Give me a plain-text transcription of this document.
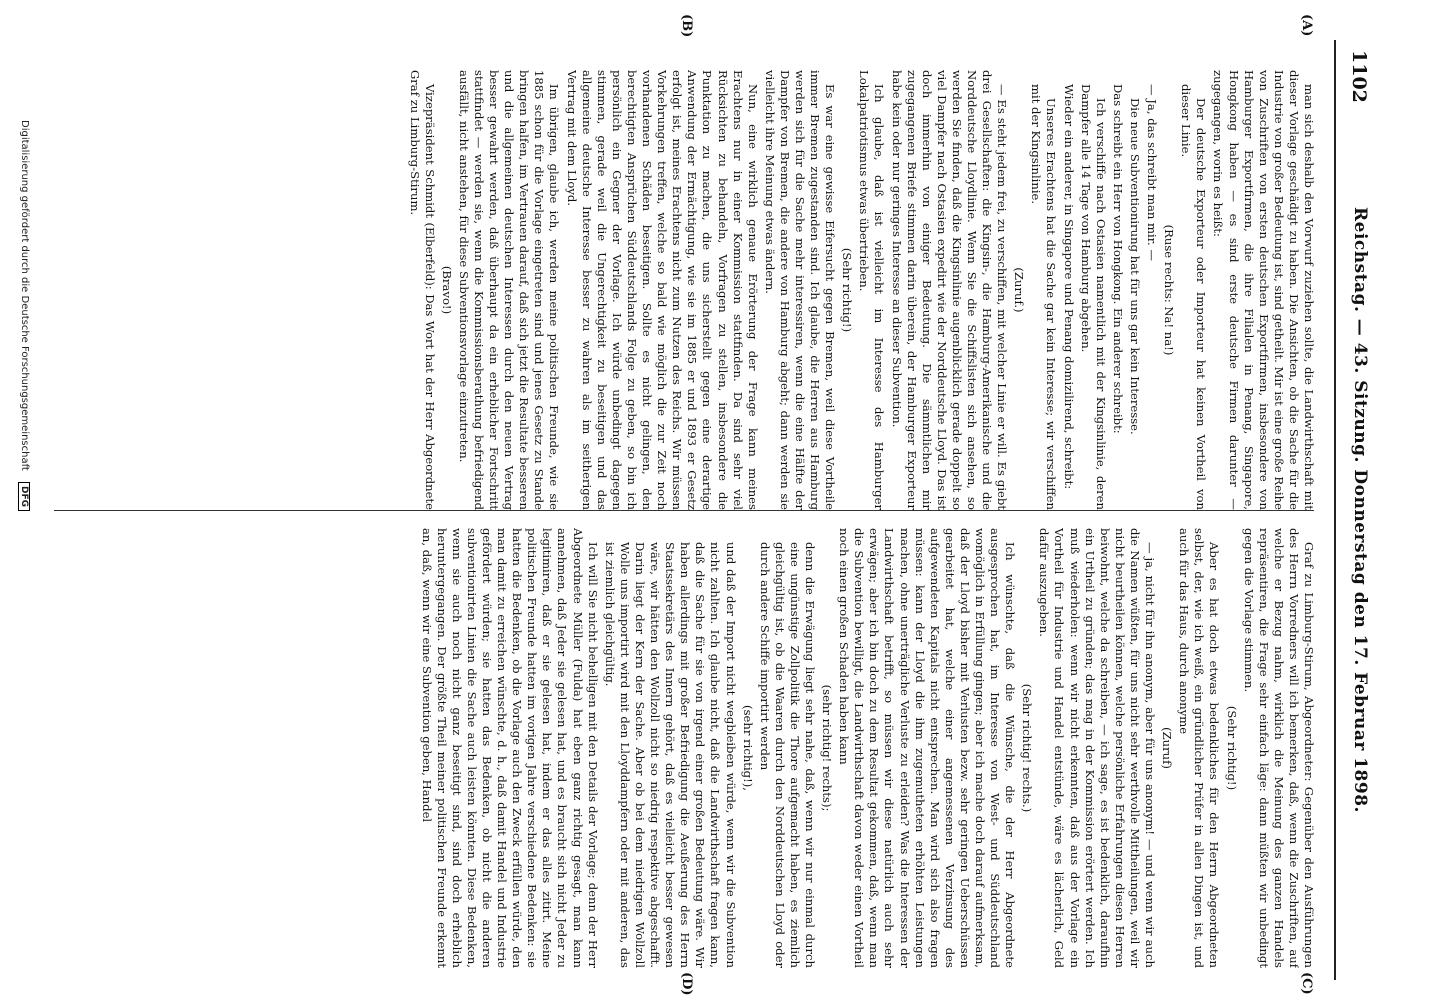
1102
Reichstag. — 43. Sitzung. Donnerstag den 17. Februar 1898.
(A)
(B)
(C)
(D)

man sich deshalb den Vorwurf zuziehen sollte, die Landwirthschaft mit dieser Vorlage geschädigt zu haben. Die Ansichten, ob die Sache für die Industrie von großer Bedeutung ist, sind getheilt. Mir ist eine große Reihe von Zuschriften von ersten deutschen Exportfirmen, insbesondere von Hamburger Exportfirmen, die ihre Filialen in Penang, Singapore, Hongkong haben — es sind erste deutsche Firmen darunter — zugegangen, worin es heißt:

Der deutsche Exporteur oder Importeur hat keinen Vortheil von dieser Linie.

(Ruse rechts: Na! na!)

— Ja, das schreibt man mir. —

Die neue Subventionirung hat für uns gar kein Interesse.

Das schreibt ein Herr von Hongkong. Ein anderer schreibt:

Ich verschiffe nach Ostasien namentlich mit der Kingsinlinie, deren Dampfer alle 14 Tage von Hamburg abgehen.

Wieder ein anderer, in Singapore und Penang domizilirend, schreibt:

Unseres Erachtens hat die Sache gar kein Interesse; wir verschiffen mit der Kingsinlinie.

(Zuruf.)

— Es steht jedem frei, zu verschiffen, mit welcher Linie er will. Es giebt drei Gesellschaften: die Kingsin-, die Hamburg-Amerikanische und die Norddeutsche Lloydlinie. Wenn Sie die Schiffslisten sich ansehen, so werden Sie finden, daß die Kingsinlinie augenblicklich gerade doppelt so viel Dampfer nach Ostasien expedirt wie der Norddeutsche Lloyd. Das ist doch immerhin von einiger Bedeutung. Die sämmtlichen mir zugegangenen Briefe stimmen darin überein, der Hamburger Exporteur habe kein oder nur geringes Interesse an dieser Subvention.

Ich glaube, daß ist vielleicht im Interesse des Hamburger Lokalpatriotismus etwas übertrieben.

(Sehr richtig!)

Es war eine gewisse Eifersucht gegen Bremen, weil diese Vortheile immer Bremen zugestanden sind. Ich glaube, die Herren aus Hamburg werden sich für die Sache mehr interessiren, wenn die eine Hälfte der Dampfer von Bremen, die andere von Hamburg abgeht; dann werden sie vielleicht ihre Meinung etwas ändern.

Nun, eine wirklich genaue Erörterung der Frage kann meines Erachtens nur in einer Kommission stattfinden. Da sind sehr viel Rücksichten zu behandeln, Vorfragen zu stellen, insbesondere die Punktation zu machen, die uns sicherstellt gegen eine derartige Anwendung der Ermächtigung, wie sie im 1885 er und 1893 er Gesetz erfolgt ist, meines Erachtens nicht zum Nutzen des Reichs. Wir müssen Vorkehrungen treffen, welche so bald wie möglich die zur Zeit noch vorhandenen Schäden beseitigen. Sollte es nicht gelingen, den berechtigten Ansprüchen Süddeutschlands Folge zu geben, so bin ich persönlich ein Gegner der Vorlage. Ich würde unbedingt dagegen stimmen, gerade weil die Ungerechtigkeit zu beseitigen und das allgemeine deutsche Interesse besser zu wahren als im seitherigen Vertrag mit dem Lloyd.

Im übrigen, glaube ich, werden meine politischen Freunde, wie sie 1885 schon für die Vorlage eingetreten sind und jenes Gesetz zu Stande bringen halfen, im Vertrauen darauf, daß sich jetzt die Resultate besseren und die allgemeinen deutschen Interessen durch den neuen Vertrag besser gewahrt werden, daß überhaupt da ein erheblicher Fortschritt stattfindet — werden sie, wenn die Kommissionsberathung befriedigend ausfällt, nicht anstehen, für diese Subventionsvorlage einzutreten.

(Bravo!)

Vizepräsident Schmidt (Elberfeld): Das Wort hat der Herr Abgeordnete Graf zu Limburg-Stirum.

Graf zu Limburg-Stirum, Abgeordneter: Gegenüber den Ausführungen des Herrn Vorredners will ich bemerken, daß, wenn die Zuschriften, auf welche er Bezug nahm, wirklich die Meinung des ganzen Handels repräsentiren, die Frage sehr einfach läge: dann müßten wir unbedingt gegen die Vorlage stimmen.

(Sehr richtig!)

Aber es hat doch etwas bedenkliches für den Herrn Abgeordneten selbst, der, wie ich weiß, ein gründlicher Prüfer in allen Dingen ist, und auch für das Haus, durch anonyme

(Zuruf)

— ja, nicht für ihn anonym, aber für uns anonym! — und wenn wir auch die Namen wüßten, für uns nicht sehr werthvolle Mittheilungen, weil wir nicht beurtheilen können, welche persönliche Erfahrungen diesen Herren beiwohnt, welche da schreiben, — ich sage, es ist bedenklich, daraufhin ein Urtheil zu gründen; das mag in der Kommission erörtert werden. Ich muß wiederholen: wenn wir nicht erkennten, daß aus der Vorlage ein Vortheil für Industrie und Handel entstünde, wäre es lächerlich, Geld dafür auszugeben.

(Sehr richtig! rechts.)

Ich wünschte, daß die Wünsche, die der Herr Abgeordnete ausgesprochen hat, im Interesse von West- und Süddeutschland womöglich in Erfüllung gingen; aber ich mache doch darauf aufmerksam, daß der Lloyd bisher mit Verlusten bezw. sehr geringen Ueberschüssen gearbeitet hat, welche einer angemessenen Verzinsung des aufgewendeten Kapitals nicht entsprechen. Man wird sich also fragen müssen: kann der Lloyd die ihm zugemutheten erhöhten Leistungen machen, ohne unerträgliche Verluste zu erleiden? Was die Interessen der Landwirthschaft betrifft, so müssen wir diese natürlich auch sehr erwägen; aber ich bin doch zu dem Resultat gekommen, daß, wenn man die Subvention bewilligt, die Landwirthschaft davon weder einen Vortheil noch einen großen Schaden haben kann

(sehr richtig! rechts);

denn die Erwägung liegt sehr nahe, daß, wenn wir nur einmal durch eine ungünstige Zollpolitik die Thore aufgemacht haben, es ziemlich gleichgültig ist, ob die Waaren durch den Norddeutschen Lloyd oder durch andere Schiffe importirt werden

(sehr richtig!),

und daß der Import nicht wegbleiben würde, wenn wir die Subvention nicht zahlten. Ich glaube nicht, daß die Landwirthschaft fragen kann, daß die Sache für sie von irgend einer großen Bedeutung wäre. Wir haben allerdings mit großer Befriedigung die Aeußerung des Herrn Staatssekretärs des Innern gehört, daß es vielleicht besser gewesen wäre, wir hätten den Wollzoll nicht so niedrig respektive abgeschafft. Darin liegt der Kern der Sache. Aber ob bei dem niedrigen Wollzoll Wolle uns importirt wird mit den Lloyddampfern oder mit anderen, das ist ziemlich gleichgültig.

Ich will Sie nicht behelligen mit den Details der Vorlage; denn der Herr Abgeordnete Müller (Fulda) hat eben ganz richtig gesagt, man kann annehmen, daß Jeder sie gelesen hat, und es braucht sich nicht Jeder zu legitimiren, daß er sie gelesen hat, indem er das alles zitirt. Meine politischen Freunde hatten im vorigen Jahre verschiedene Bedenken: sie hatten die Bedenken, ob die Vorlage auch den Zweck erfüllen würde, den man damit zu erreichen wünschte, d. h., daß damit Handel und Industrie gefördert würden; sie hatten das Bedenken, ob nicht die anderen subventionirten Linien die Sache auch leisten könnten. Diese Bedenken, wenn sie auch noch nicht ganz beseitigt sind, sind doch erheblich heruntergegangen. Der größte Theil meiner politischen Freunde erkennt an, daß, wenn wir eine Subvention geben, Handel

Digitalisierung gefördert durch die Deutsche Forschungsgemeinschaft DFG
